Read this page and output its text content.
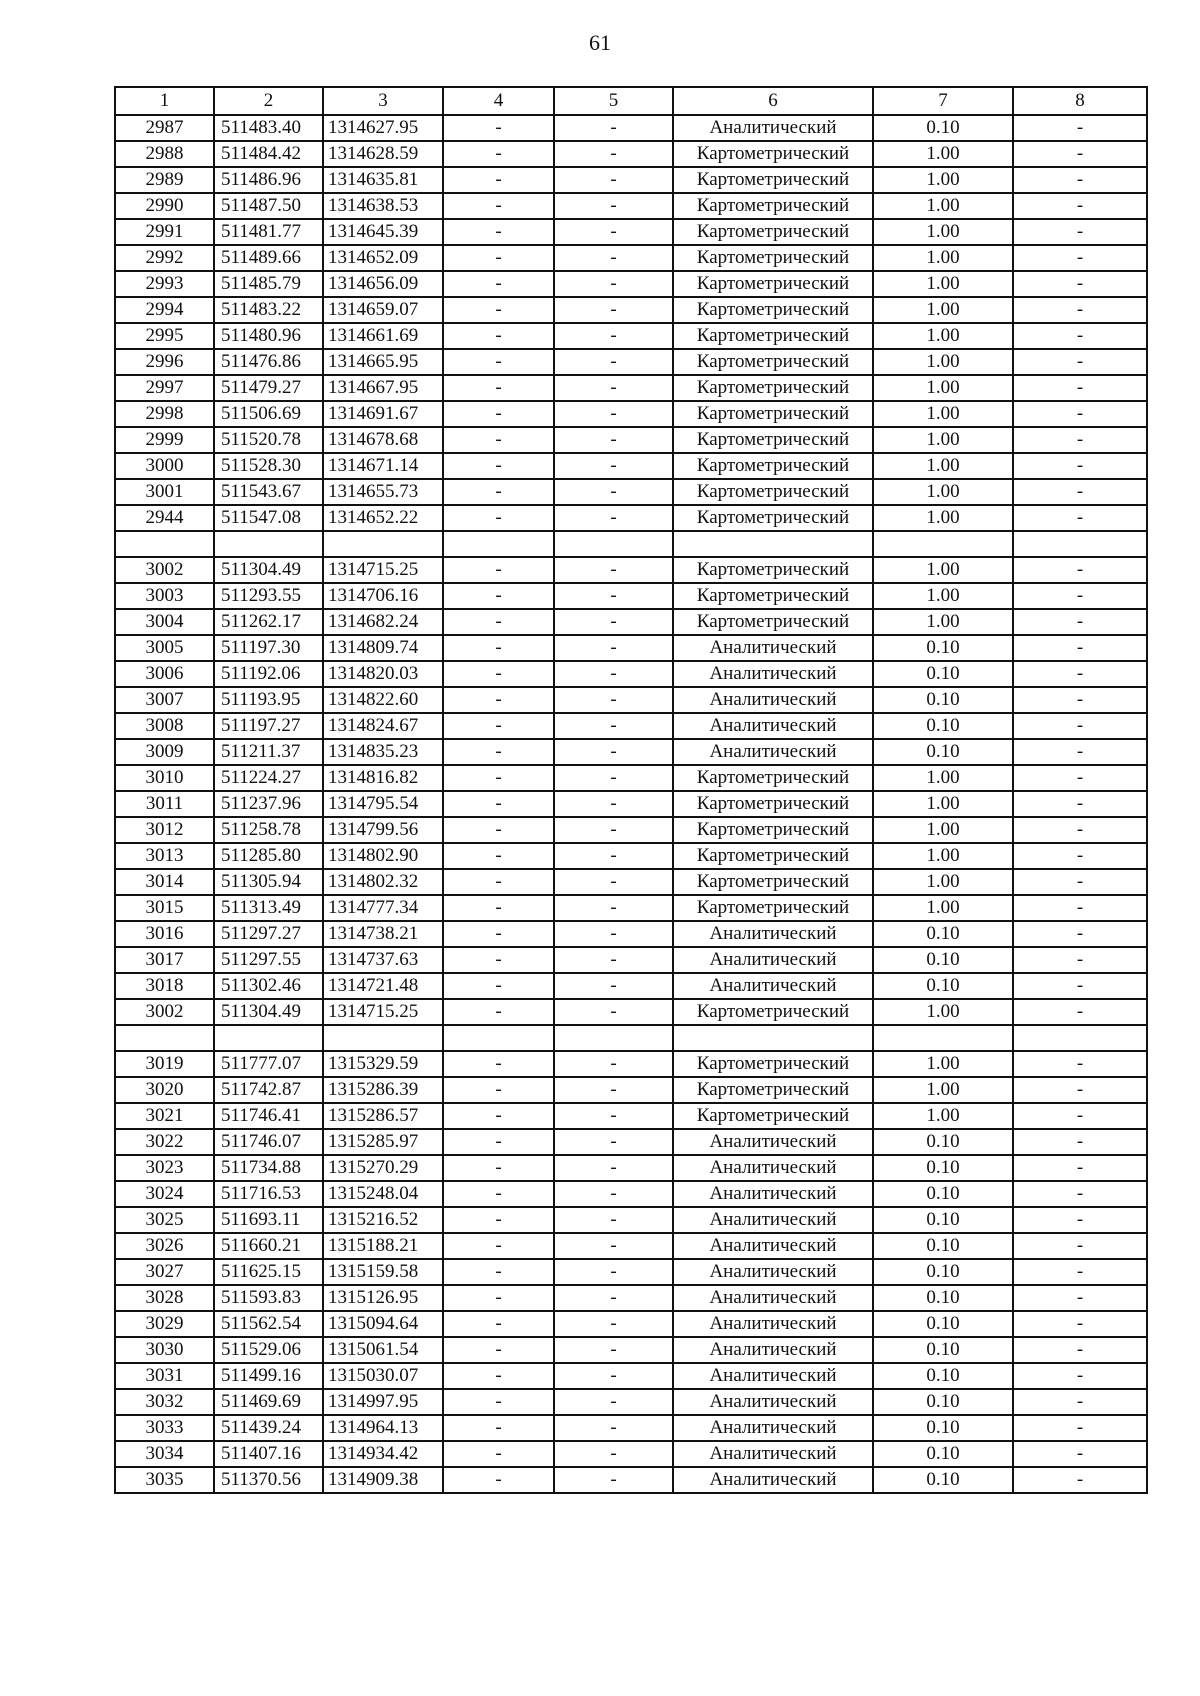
61
1	2	3	4	5	6	7	8
2987	511483.40	1314627.95	-	-	Аналитический	0.10	-
2988	511484.42	1314628.59	-	-	Картометрический	1.00	-
2989	511486.96	1314635.81	-	-	Картометрический	1.00	-
2990	511487.50	1314638.53	-	-	Картометрический	1.00	-
2991	511481.77	1314645.39	-	-	Картометрический	1.00	-
2992	511489.66	1314652.09	-	-	Картометрический	1.00	-
2993	511485.79	1314656.09	-	-	Картометрический	1.00	-
2994	511483.22	1314659.07	-	-	Картометрический	1.00	-
2995	511480.96	1314661.69	-	-	Картометрический	1.00	-
2996	511476.86	1314665.95	-	-	Картометрический	1.00	-
2997	511479.27	1314667.95	-	-	Картометрический	1.00	-
2998	511506.69	1314691.67	-	-	Картометрический	1.00	-
2999	511520.78	1314678.68	-	-	Картометрический	1.00	-
3000	511528.30	1314671.14	-	-	Картометрический	1.00	-
3001	511543.67	1314655.73	-	-	Картометрический	1.00	-
2944	511547.08	1314652.22	-	-	Картометрический	1.00	-

3002	511304.49	1314715.25	-	-	Картометрический	1.00	-
3003	511293.55	1314706.16	-	-	Картометрический	1.00	-
3004	511262.17	1314682.24	-	-	Картометрический	1.00	-
3005	511197.30	1314809.74	-	-	Аналитический	0.10	-
3006	511192.06	1314820.03	-	-	Аналитический	0.10	-
3007	511193.95	1314822.60	-	-	Аналитический	0.10	-
3008	511197.27	1314824.67	-	-	Аналитический	0.10	-
3009	511211.37	1314835.23	-	-	Аналитический	0.10	-
3010	511224.27	1314816.82	-	-	Картометрический	1.00	-
3011	511237.96	1314795.54	-	-	Картометрический	1.00	-
3012	511258.78	1314799.56	-	-	Картометрический	1.00	-
3013	511285.80	1314802.90	-	-	Картометрический	1.00	-
3014	511305.94	1314802.32	-	-	Картометрический	1.00	-
3015	511313.49	1314777.34	-	-	Картометрический	1.00	-
3016	511297.27	1314738.21	-	-	Аналитический	0.10	-
3017	511297.55	1314737.63	-	-	Аналитический	0.10	-
3018	511302.46	1314721.48	-	-	Аналитический	0.10	-
3002	511304.49	1314715.25	-	-	Картометрический	1.00	-

3019	511777.07	1315329.59	-	-	Картометрический	1.00	-
3020	511742.87	1315286.39	-	-	Картометрический	1.00	-
3021	511746.41	1315286.57	-	-	Картометрический	1.00	-
3022	511746.07	1315285.97	-	-	Аналитический	0.10	-
3023	511734.88	1315270.29	-	-	Аналитический	0.10	-
3024	511716.53	1315248.04	-	-	Аналитический	0.10	-
3025	511693.11	1315216.52	-	-	Аналитический	0.10	-
3026	511660.21	1315188.21	-	-	Аналитический	0.10	-
3027	511625.15	1315159.58	-	-	Аналитический	0.10	-
3028	511593.83	1315126.95	-	-	Аналитический	0.10	-
3029	511562.54	1315094.64	-	-	Аналитический	0.10	-
3030	511529.06	1315061.54	-	-	Аналитический	0.10	-
3031	511499.16	1315030.07	-	-	Аналитический	0.10	-
3032	511469.69	1314997.95	-	-	Аналитический	0.10	-
3033	511439.24	1314964.13	-	-	Аналитический	0.10	-
3034	511407.16	1314934.42	-	-	Аналитический	0.10	-
3035	511370.56	1314909.38	-	-	Аналитический	0.10	-
